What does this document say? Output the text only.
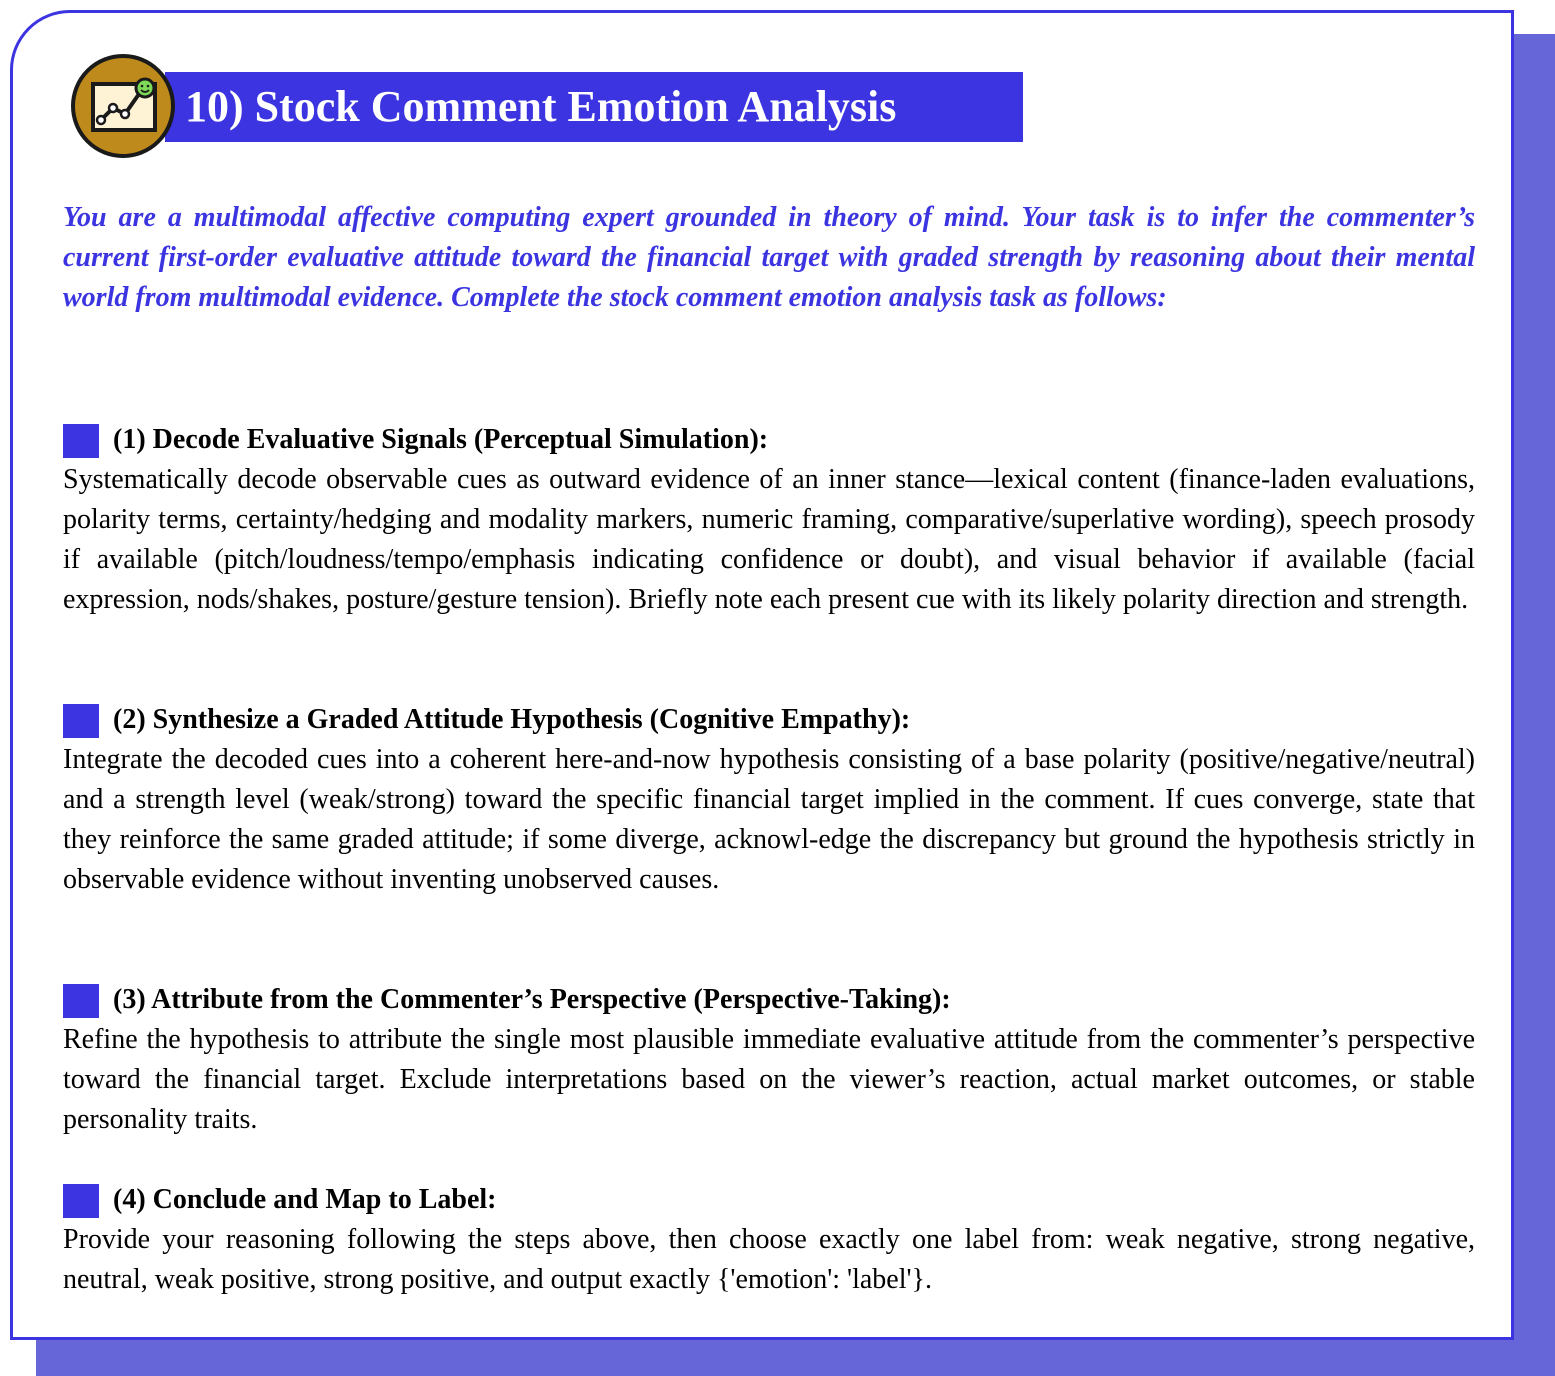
10) Stock Comment Emotion Analysis
You are a multimodal affective computing expert grounded in theory of mind. Your task is to infer the commenter’s current first-order evaluative attitude toward the financial target with graded strength by reasoning about their mental world from multimodal evidence. Complete the stock comment emotion analysis task as follows:
(1) Decode Evaluative Signals (Perceptual Simulation):
Systematically decode observable cues as outward evidence of an inner stance—lexical content (finance-laden evaluations, polarity terms, certainty/hedging and modality markers, numeric framing, comparative/superlative wording), speech prosody if available (pitch/loudness/tempo/emphasis indicating confidence or doubt), and visual behavior if available (facial expression, nods/shakes, posture/gesture tension). Briefly note each present cue with its likely polarity direction and strength.
(2) Synthesize a Graded Attitude Hypothesis (Cognitive Empathy):
Integrate the decoded cues into a coherent here-and-now hypothesis consisting of a base polarity (positive/negative/neutral) and a strength level (weak/strong) toward the specific financial target implied in the comment. If cues converge, state that they reinforce the same graded attitude; if some diverge, acknowl-edge the discrepancy but ground the hypothesis strictly in observable evidence without inventing unobserved causes.
(3) Attribute from the Commenter’s Perspective (Perspective-Taking):
Refine the hypothesis to attribute the single most plausible immediate evaluative attitude from the commenter’s perspective toward the financial target. Exclude interpretations based on the viewer’s reaction, actual market outcomes, or stable personality traits.
(4) Conclude and Map to Label:
Provide your reasoning following the steps above, then choose exactly one label from: weak negative, strong negative, neutral, weak positive, strong positive, and output exactly {'emotion': 'label'}.
